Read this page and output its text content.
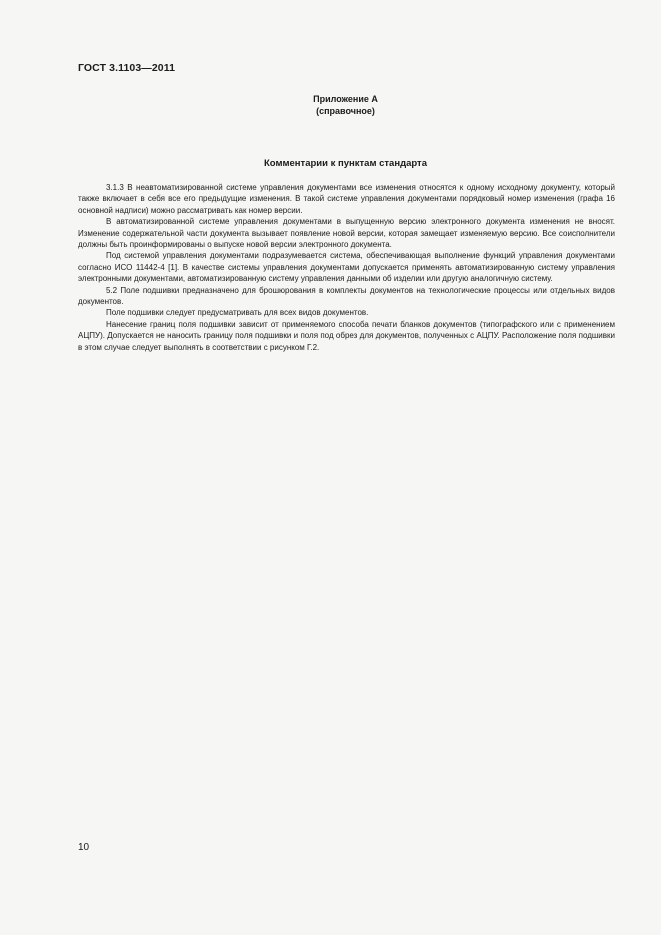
ГОСТ 3.1103—2011
Приложение А
(справочное)
Комментарии к пунктам стандарта

3.1.3 В неавтоматизированной системе управления документами все изменения относятся к одному исходному документу, который также включает в себя все его предыдущие изменения. В такой системе управления документами порядковый номер изменения (графа 16 основной надписи) можно рассматривать как номер версии.

В автоматизированной системе управления документами в выпущенную версию электронного документа изменения не вносят. Изменение содержательной части документа вызывает появление новой версии, которая замещает изменяемую версию. Все соисполнители должны быть проинформированы о выпуске новой версии электронного документа.

Под системой управления документами подразумевается система, обеспечивающая выполнение функций управления документами согласно ИСО 11442-4 [1]. В качестве системы управления документами допускается применять автоматизированную систему управления электронными документами, автоматизированную систему управления данными об изделии или другую аналогичную систему.

5.2 Поле подшивки предназначено для брошюрования в комплекты документов на технологические процессы или отдельных видов документов.

Поле подшивки следует предусматривать для всех видов документов.

Нанесение границ поля подшивки зависит от применяемого способа печати бланков документов (типографского или с применением АЦПУ). Допускается не наносить границу поля подшивки и поля под обрез для документов, полученных с АЦПУ. Расположение поля подшивки в этом случае следует выполнять в соответствии с рисунком Г.2.

10
